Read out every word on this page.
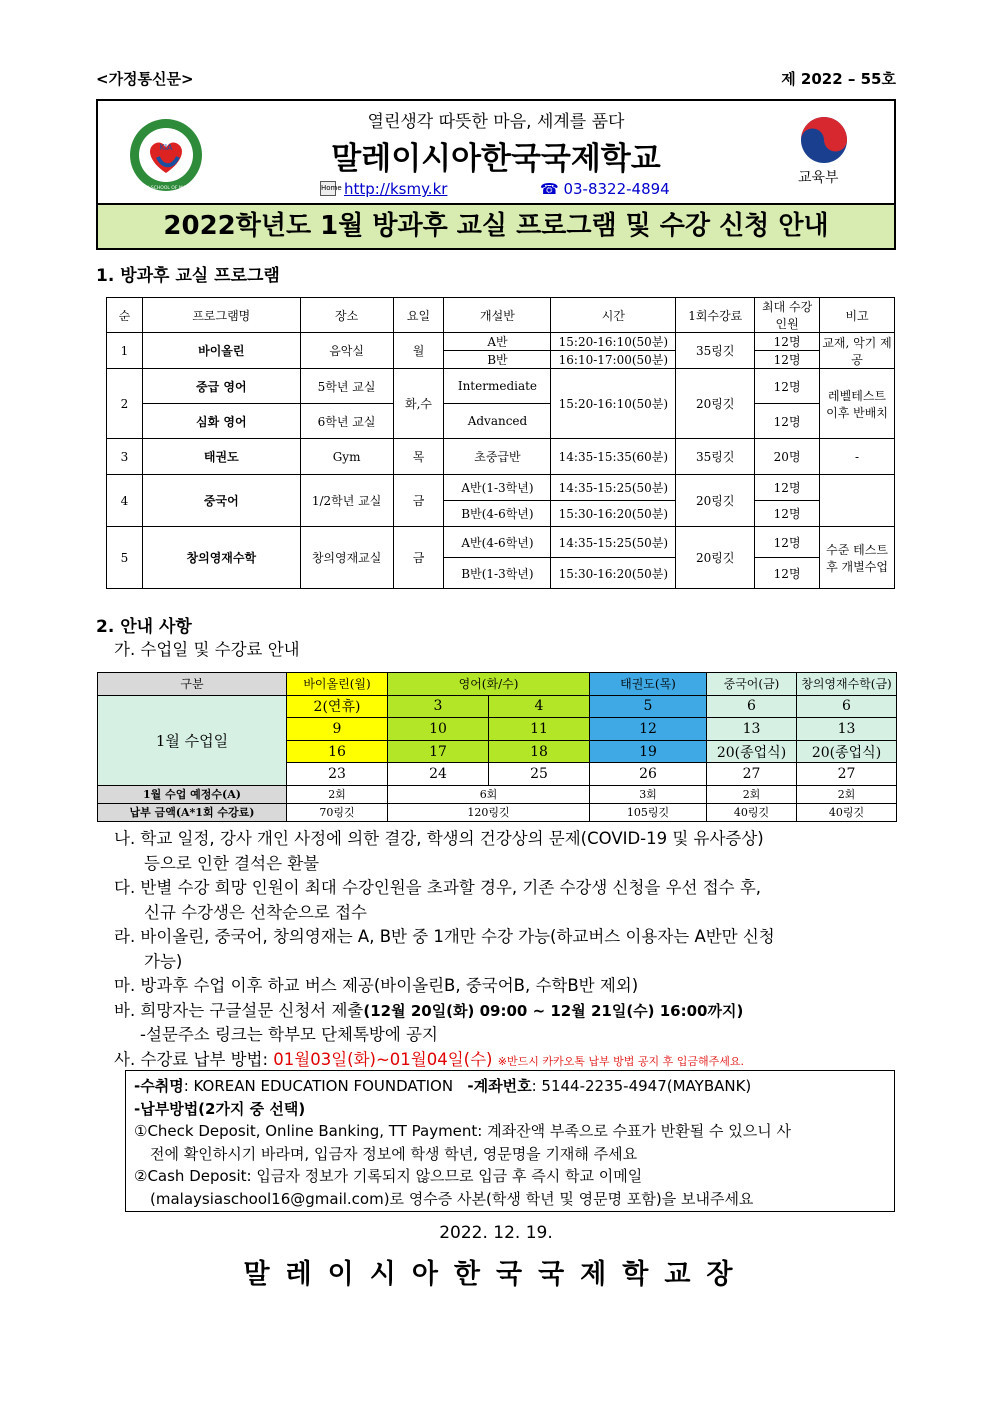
<가정통신문>	제 2022 – 55호
KIA
KOREAN SCHOOL OF MALAYSIA
열린생각 따뜻한 마음, 세계를 품다
말레이시아한국국제학교
Home http://ksmy.kr	☎ 03-8322-4894
교육부
2022학년도 1월 방과후 교실 프로그램 및 수강 신청 안내
1. 방과후 교실 프로그램
순	프로그램명	장소	요일	개설반	시간	1회수강료	최대 수강인원	비고
1	바이올린	음악실	월	A반	15:20-16:10(50분)	35링깃	12명	교재, 악기 제공
				B반	16:10-17:00(50분)		12명	
2	중급 영어	5학년 교실	화,수	Intermediate	15:20-16:10(50분)	20링깃	12명	레벨테스트 이후 반배치
	심화 영어	6학년 교실		Advanced			12명	
3	태권도	Gym	목	초중급반	14:35-15:35(60분)	35링깃	20명	-
4	중국어	1/2학년 교실	금	A반(1-3학년)	14:35-15:25(50분)	20링깃	12명	
				B반(4-6학년)	15:30-16:20(50분)		12명	
5	창의영재수학	창의영재교실	금	A반(4-6학년)	14:35-15:25(50분)	20링깃	12명	수준 테스트 후 개별수업
				B반(1-3학년)	15:30-16:20(50분)		12명	
2. 안내 사항
가. 수업일 및 수강료 안내
구분	바이올린(월)	영어(화/수)		태권도(목)	중국어(금)	창의영재수학(금)
1월 수업일	2(연휴)	3	4	5	6	6
	9	10	11	12	13	13
	16	17	18	19	20(종업식)	20(종업식)
	23	24	25	26	27	27
1월 수업 예정수(A)	2회	6회		3회	2회	2회
납부 금액(A*1회 수강료)	70링깃	120링깃		105링깃	40링깃	40링깃
나. 학교 일정, 강사 개인 사정에 의한 결강, 학생의 건강상의 문제(COVID-19 및 유사증상)
등으로 인한 결석은 환불
다. 반별 수강 희망 인원이 최대 수강인원을 초과할 경우, 기존 수강생 신청을 우선 접수 후,
신규 수강생은 선착순으로 접수
라. 바이올린, 중국어, 창의영재는 A, B반 중 1개만 수강 가능(하교버스 이용자는 A반만 신청
가능)
마. 방과후 수업 이후 하교 버스 제공(바이올린B, 중국어B, 수학B반 제외)
바. 희망자는 구글설문 신청서 제출(12월 20일(화) 09:00 ~ 12월 21일(수) 16:00까지)
-설문주소 링크는 학부모 단체톡방에 공지
사. 수강료 납부 방법: 01월03일(화)~01월04일(수) ※반드시 카카오톡 납부 방법 공지 후 입금해주세요.
-수취명: KOREAN EDUCATION FOUNDATION -계좌번호: 5144-2235-4947(MAYBANK)
-납부방법(2가지 중 선택)
①Check Deposit, Online Banking, TT Payment: 계좌잔액 부족으로 수표가 반환될 수 있으니 사
전에 확인하시기 바라며, 입금자 정보에 학생 학년, 영문명을 기재해 주세요
②Cash Deposit: 입금자 정보가 기록되지 않으므로 입금 후 즉시 학교 이메일
(malaysiaschool16@gmail.com)로 영수증 사본(학생 학년 및 영문명 포함)을 보내주세요
2022. 12. 19.
말레이시아한국국제학교장
